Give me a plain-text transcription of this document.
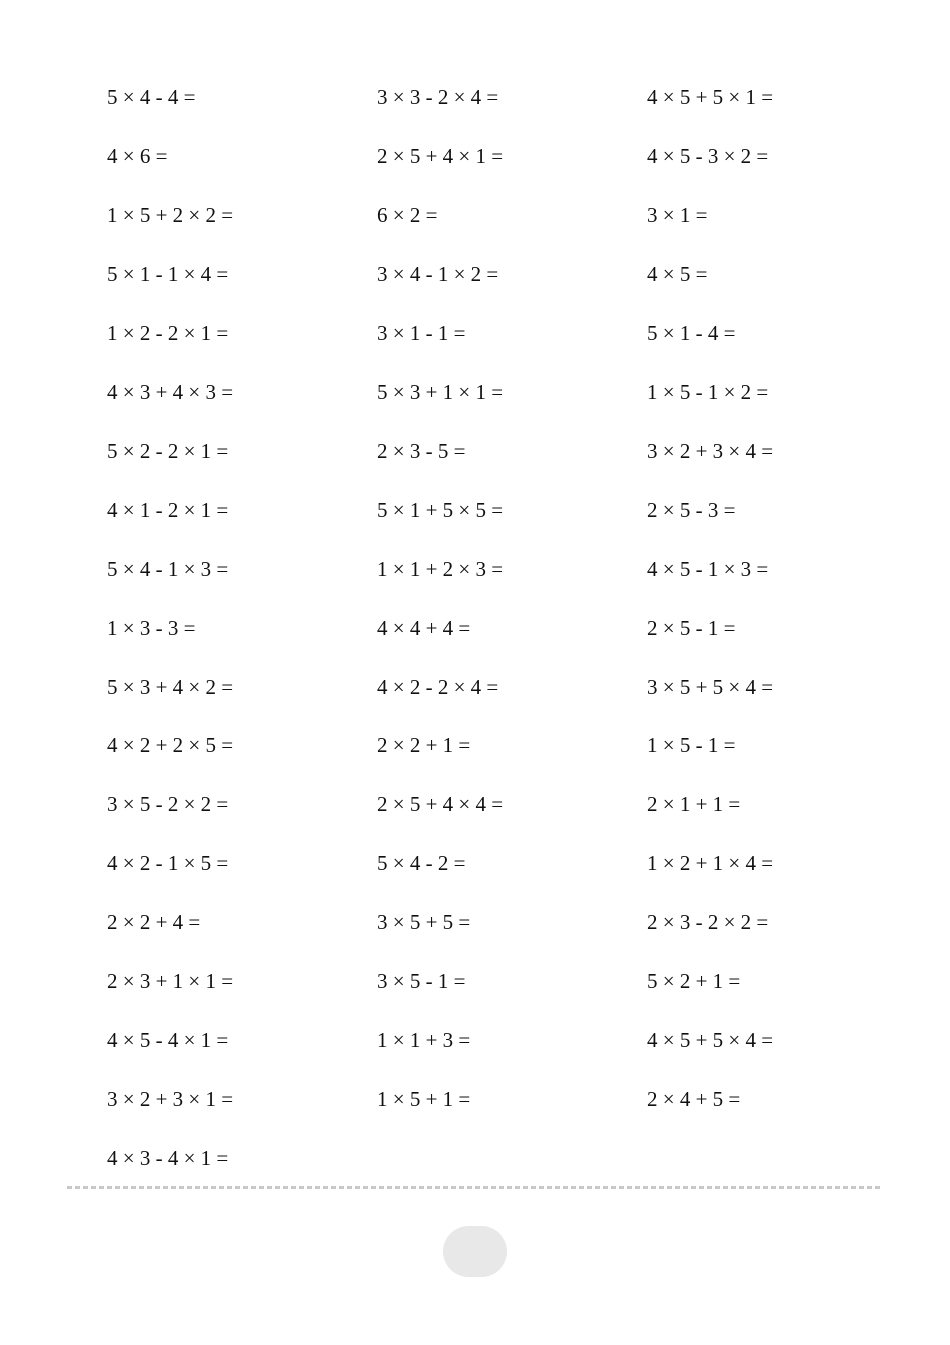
5 × 4 - 4 =
4 × 6 =
1 × 5 + 2 × 2 =
5 × 1 - 1 × 4 =
1 × 2 - 2 × 1 =
4 × 3 + 4 × 3 =
5 × 2 - 2 × 1 =
4 × 1 - 2 × 1 =
5 × 4 - 1 × 3 =
1 × 3 - 3 =
5 × 3 + 4 × 2 =
4 × 2 + 2 × 5 =
3 × 5 - 2 × 2 =
4 × 2 - 1 × 5 =
2 × 2 + 4 =
2 × 3 + 1 × 1 =
4 × 5 - 4 × 1 =
3 × 2 + 3 × 1 =
4 × 3 - 4 × 1 =
3 × 3 - 2 × 4 =
2 × 5 + 4 × 1 =
6 × 2 =
3 × 4 - 1 × 2 =
3 × 1 - 1 =
5 × 3 + 1 × 1 =
2 × 3 - 5 =
5 × 1 + 5 × 5 =
1 × 1 + 2 × 3 =
4 × 4 + 4 =
4 × 2 - 2 × 4 =
2 × 2 + 1 =
2 × 5 + 4 × 4 =
5 × 4 - 2 =
3 × 5 + 5 =
3 × 5 - 1 =
1 × 1 + 3 =
1 × 5 + 1 =
4 × 5 + 5 × 1 =
4 × 5 - 3 × 2 =
3 × 1 =
4 × 5 =
5 × 1 - 4 =
1 × 5 - 1 × 2 =
3 × 2 + 3 × 4 =
2 × 5 - 3 =
4 × 5 - 1 × 3 =
2 × 5 - 1 =
3 × 5 + 5 × 4 =
1 × 5 - 1 =
2 × 1 + 1 =
1 × 2 + 1 × 4 =
2 × 3 - 2 × 2 =
5 × 2 + 1 =
4 × 5 + 5 × 4 =
2 × 4 + 5 =
